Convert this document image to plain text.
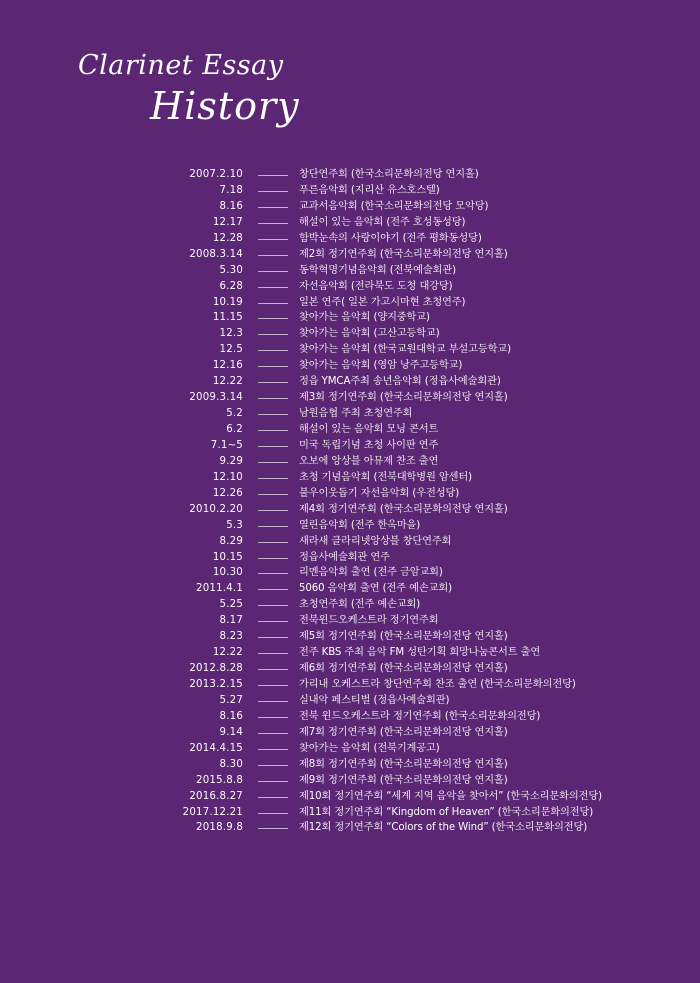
Clarinet Essay
History
2007.2.10	창단연주회 (한국소리문화의전당 연지홀)
7.18	푸른음악회 (지리산 유스호스텔)
8.16	교과서음악회 (한국소리문화의전당 모악당)
12.17	해설이 있는 음악회 (전주 호성동성당)
12.28	함박눈속의 사랑이야기 (전주 평화동성당)
2008.3.14	제2회 정기연주회 (한국소리문화의전당 연지홀)
5.30	동학혁명기념음악회 (전북예술회관)
6.28	자선음악회 (전라북도 도청 대강당)
10.19	일본 연주( 일본 가고시마현 초청연주)
11.15	찾아가는 음악회 (양지중학교)
12.3	찾아가는 음악회 (고산고등학교)
12.5	찾아가는 음악회 (한국교원대학교 부설고등학교)
12.16	찾아가는 음악회 (영암 낭주고등학교)
12.22	정읍 YMCA주최 송년음악회 (정읍사예술회관)
2009.3.14	제3회 정기연주회 (한국소리문화의전당 연지홀)
5.2	남원음협 주최 초청연주회
6.2	해설이 있는 음악회 모닝 콘서트
7.1~5	미국 독립기념 초청 사이판 연주
9.29	오보에 앙상블 아뮤제 찬조 출연
12.10	초청 기념음악회 (전북대학병원 암센터)
12.26	불우이웃돕기 자선음악회 (우전성당)
2010.2.20	제4회 정기연주회 (한국소리문화의전당 연지홀)
5.3	열린음악회 (전주 한옥마을)
8.29	새라새 클라리넷앙상블 창단연주회
10.15	정읍사예술회관 연주
10.30	리멘음악회 출연 (전주 금암교회)
2011.4.1	5060 음악회 출연 (전주 예손교회)
5.25	초청연주회 (전주 예손교회)
8.17	전북윈드오케스트라 정기연주회
8.23	제5회 정기연주회 (한국소리문화의전당 연지홀)
12.22	전주 KBS 주최 음악 FM 성탄기획 희망나눔콘서트 출연
2012.8.28	제6회 정기연주회 (한국소리문화의전당 연지홀)
2013.2.15	가리내 오케스트라 창단연주회 찬조 출연 (한국소리문화의전당)
5.27	실내악 페스티벌 (정읍사예술회관)
8.16	전북 윈드오케스트라 정기연주회 (한국소리문화의전당)
9.14	제7회 정기연주회 (한국소리문화의전당 연지홀)
2014.4.15	찾아가는 음악회 (전북기계공고)
8.30	제8회 정기연주회 (한국소리문화의전당 연지홀)
2015.8.8	제9회 정기연주회 (한국소리문화의전당 연지홀)
2016.8.27	제10회 정기연주회 “세계 지역 음악을 찾아서” (한국소리문화의전당)
2017.12.21	제11회 정기연주회 “Kingdom of Heaven” (한국소리문화의전당)
2018.9.8	제12회 정기연주회 “Colors of the Wind” (한국소리문화의전당)
